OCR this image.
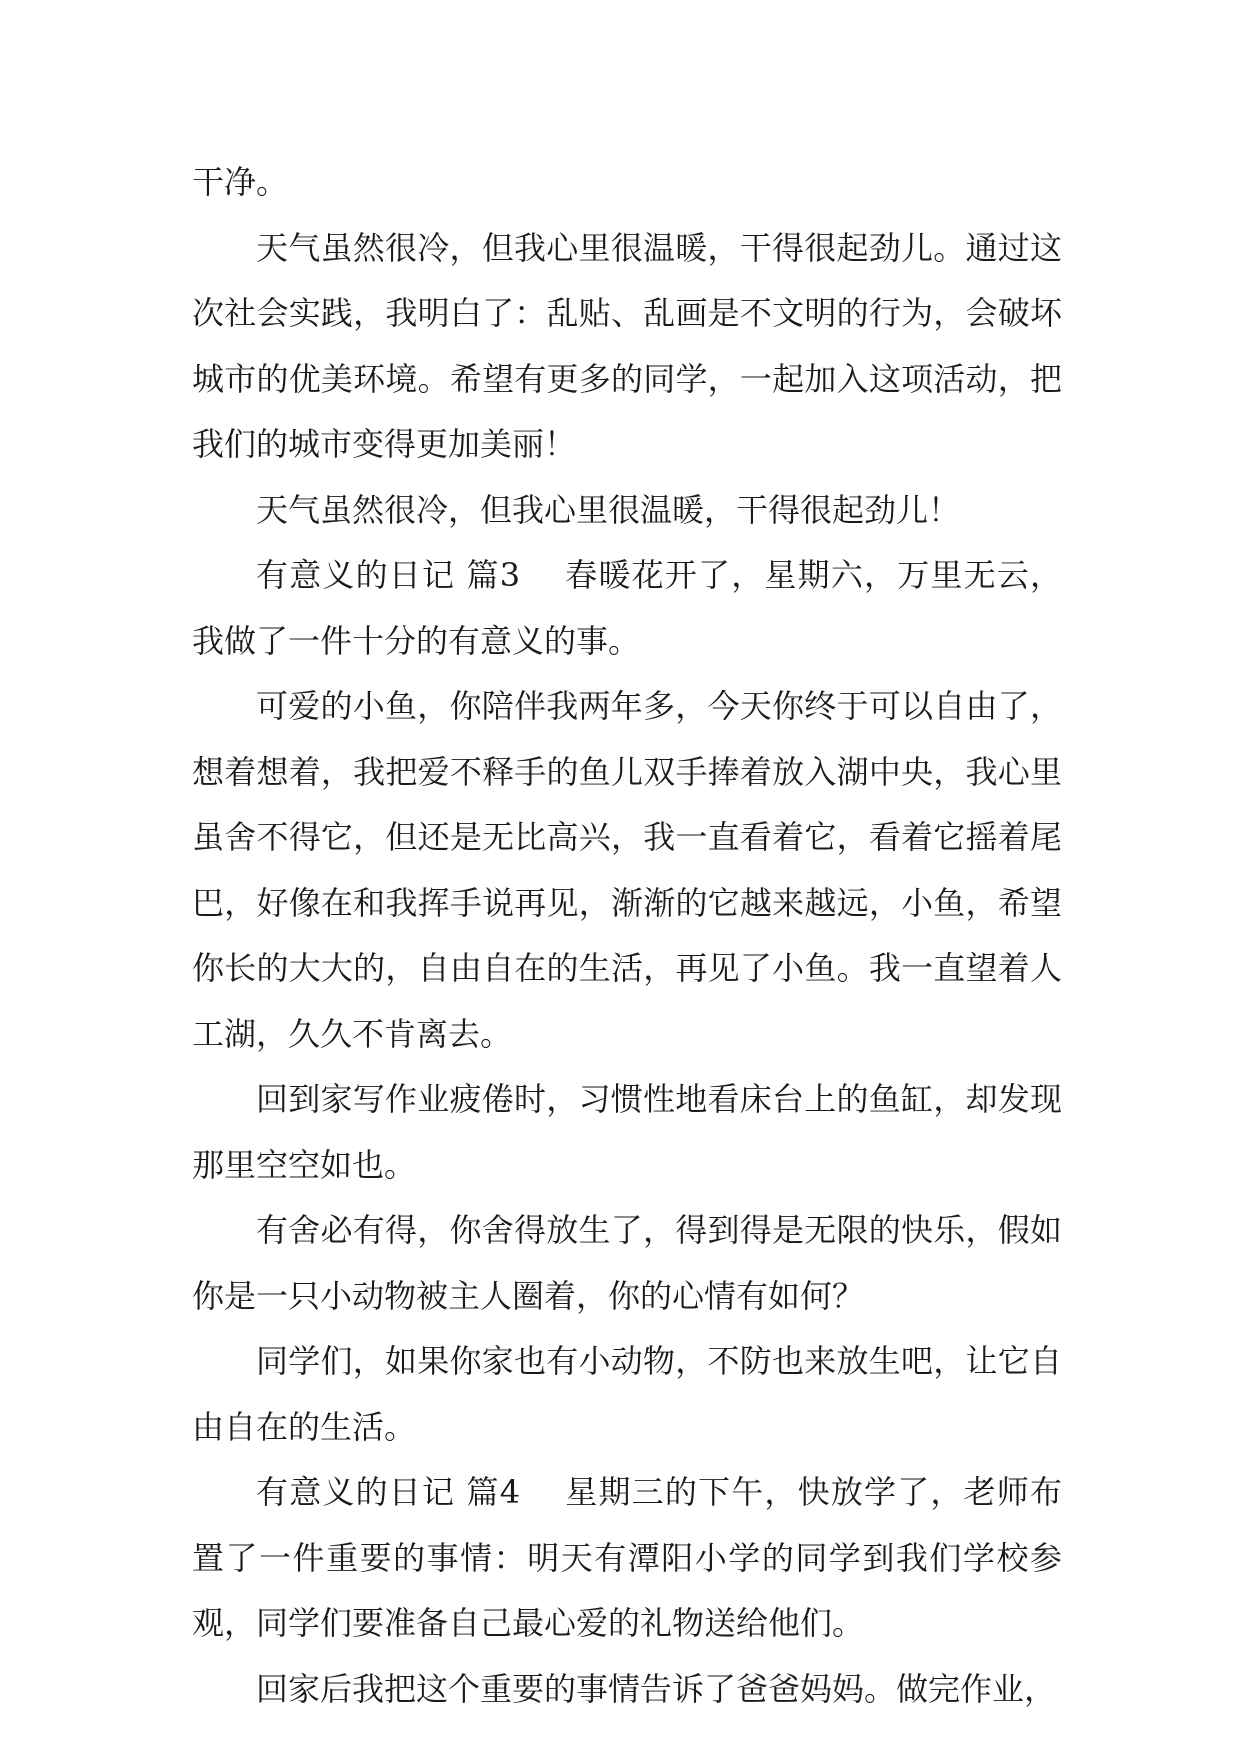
干净。

天气虽然很冷，但我心里很温暖，干得很起劲儿。通过这次社会实践，我明白了：乱贴、乱画是不文明的行为，会破坏城市的优美环境。希望有更多的同学，一起加入这项活动，把我们的城市变得更加美丽！

天气虽然很冷，但我心里很温暖，干得很起劲儿！

有意义的日记 篇3 春暖花开了，星期六，万里无云，我做了一件十分的有意义的事。

可爱的小鱼，你陪伴我两年多，今天你终于可以自由了，想着想着，我把爱不释手的鱼儿双手捧着放入湖中央，我心里虽舍不得它，但还是无比高兴，我一直看着它，看着它摇着尾巴，好像在和我挥手说再见，渐渐的它越来越远，小鱼，希望你长的大大的，自由自在的生活，再见了小鱼。我一直望着人工湖，久久不肯离去。

回到家写作业疲倦时，习惯性地看床台上的鱼缸，却发现那里空空如也。

有舍必有得，你舍得放生了，得到得是无限的快乐，假如你是一只小动物被主人圈着，你的心情有如何？

同学们，如果你家也有小动物，不防也来放生吧，让它自由自在的生活。

有意义的日记 篇4 星期三的下午，快放学了，老师布置了一件重要的事情：明天有潭阳小学的同学到我们学校参观，同学们要准备自己最心爱的礼物送给他们。

回家后我把这个重要的事情告诉了爸爸妈妈。做完作业，
